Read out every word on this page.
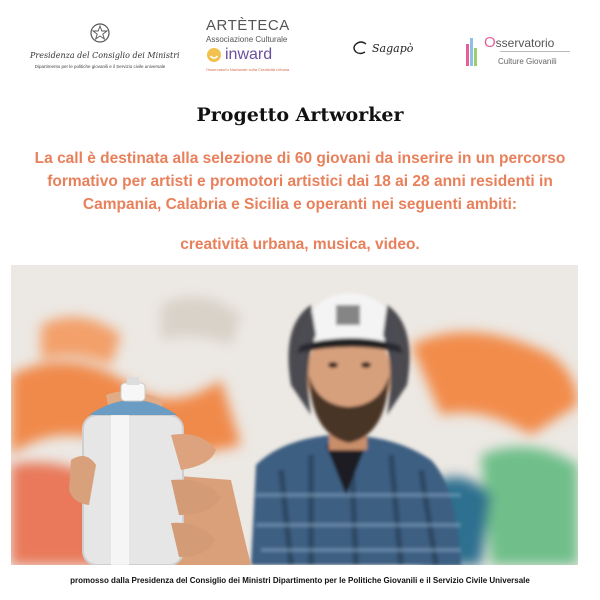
Presidenza del Consiglio dei Ministri
Dipartimento per le politiche giovanili e il Servizio civile universale
ARTÈTECA
Associazione Culturale
inward
Osservatorio Nazionale sulla Creatività Urbana
Sagapò	Osservatorio
Culture Giovanili
Progetto Artworker

La call è destinata alla selezione di 60 giovani da inserire in un percorso formativo per artisti e promotori artistici dai 18 ai 28 anni residenti in Campania, Calabria e Sicilia e operanti nei seguenti ambiti:

creatività urbana, musica, video.

promosso dalla Presidenza del Consiglio dei Ministri Dipartimento per le Politiche Giovanili e il Servizio Civile Universale
